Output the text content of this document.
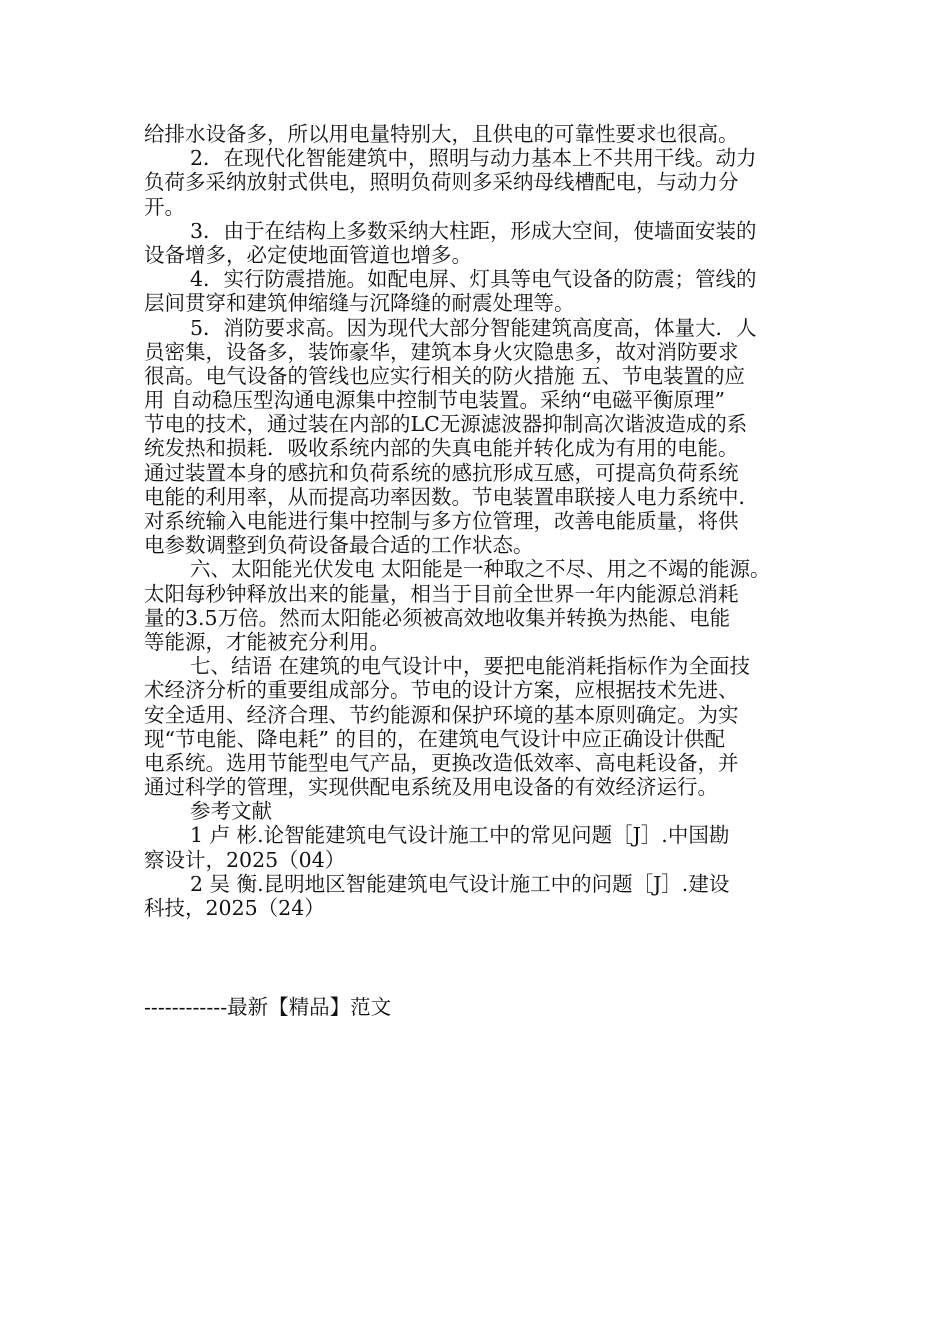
给排水设备多，所以用电量特别大，且供电的可靠性要求也很高。
2．在现代化智能建筑中，照明与动力基本上不共用干线。动力
负荷多采纳放射式供电，照明负荷则多采纳母线槽配电，与动力分
开。
3．由于在结构上多数采纳大柱距，形成大空间，使墙面安装的
设备增多，必定使地面管道也增多。
4．实行防震措施。如配电屏、灯具等电气设备的防震；管线的
层间贯穿和建筑伸缩缝与沉降缝的耐震处理等。
5．消防要求高。因为现代大部分智能建筑高度高，体量大．人
员密集，设备多，装饰豪华，建筑本身火灾隐患多，故对消防要求
很高。电气设备的管线也应实行相关的防火措施 五、节电装置的应
用 自动稳压型沟通电源集中控制节电装置。采纳“电磁平衡原理”
节电的技术，通过装在内部的LC无源滤波器抑制高次谐波造成的系
统发热和损耗．吸收系统内部的失真电能并转化成为有用的电能。
通过装置本身的感抗和负荷系统的感抗形成互感，可提高负荷系统
电能的利用率，从而提高功率因数。节电装置串联接人电力系统中．
对系统输入电能进行集中控制与多方位管理，改善电能质量，将供
电参数调整到负荷设备最合适的工作状态。
六、太阳能光伏发电 太阳能是一种取之不尽、用之不竭的能源。
太阳每秒钟释放出来的能量，相当于目前全世界一年内能源总消耗
量的3.5万倍。然而太阳能必须被高效地收集并转换为热能、电能
等能源，才能被充分利用。
七、结语 在建筑的电气设计中，要把电能消耗指标作为全面技
术经济分析的重要组成部分。节电的设计方案，应根据技术先进、
安全适用、经济合理、节约能源和保护环境的基本原则确定。为实
现“节电能、降电耗” 的目的，在建筑电气设计中应正确设计供配
电系统。选用节能型电气产品，更换改造低效率、高电耗设备，并
通过科学的管理，实现供配电系统及用电设备的有效经济运行。
参考文献
1 卢 彬.论智能建筑电气设计施工中的常见问题［J］.中国勘
察设计，2025（04）
2 吴 衡.昆明地区智能建筑电气设计施工中的问题［J］.建设
科技，2025（24）
------------最新【精品】范文
